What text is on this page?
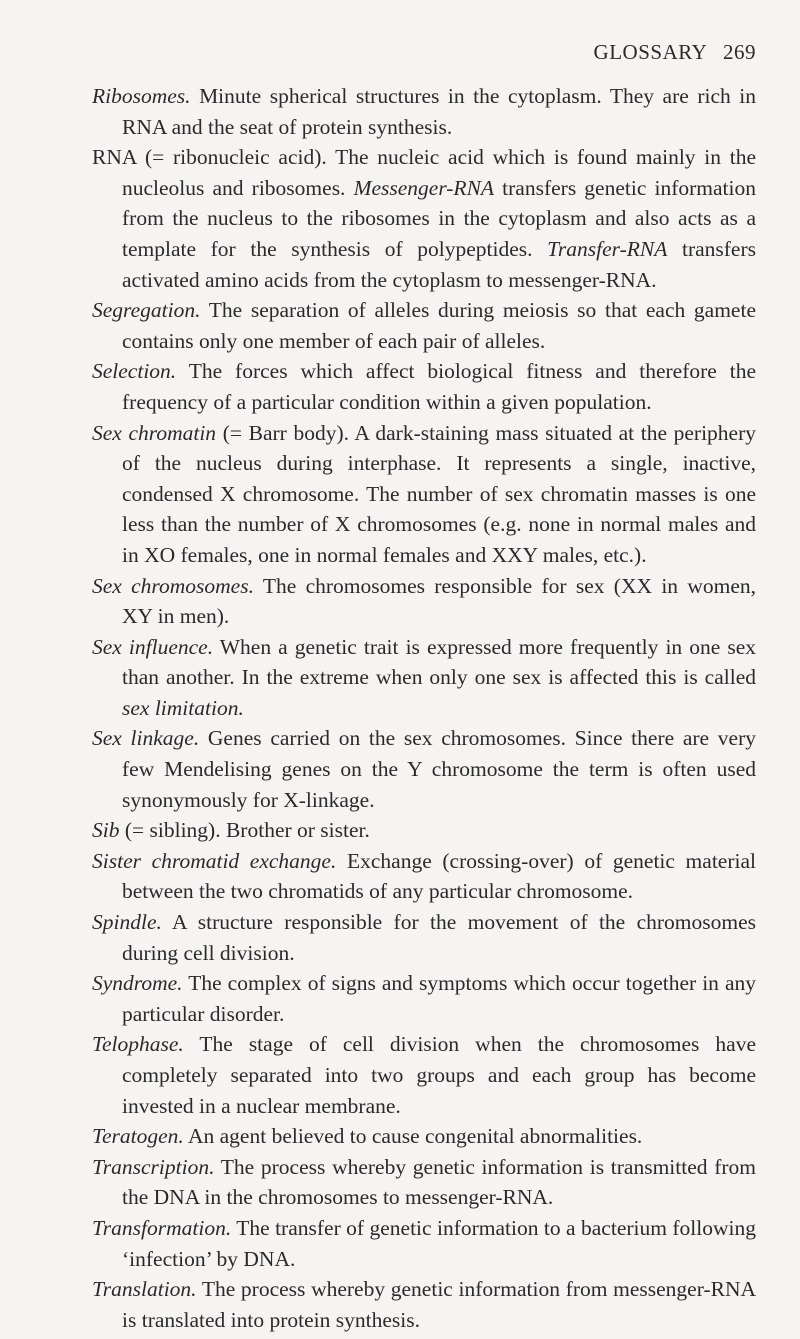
GLOSSARY 269

Ribosomes. Minute spherical structures in the cytoplasm. They are rich in RNA and the seat of protein synthesis.

RNA (= ribonucleic acid). The nucleic acid which is found mainly in the nucleolus and ribosomes. Messenger-RNA transfers genetic information from the nucleus to the ribosomes in the cytoplasm and also acts as a template for the synthesis of polypeptides. Transfer-RNA transfers activated amino acids from the cytoplasm to messenger-RNA.

Segregation. The separation of alleles during meiosis so that each gamete contains only one member of each pair of alleles.

Selection. The forces which affect biological fitness and therefore the frequency of a particular condition within a given population.

Sex chromatin (= Barr body). A dark-staining mass situated at the periphery of the nucleus during interphase. It represents a single, inactive, condensed X chromosome. The number of sex chromatin masses is one less than the number of X chromosomes (e.g. none in normal males and in XO females, one in normal females and XXY males, etc.).

Sex chromosomes. The chromosomes responsible for sex (XX in women, XY in men).

Sex influence. When a genetic trait is expressed more frequently in one sex than another. In the extreme when only one sex is affected this is called sex limitation.

Sex linkage. Genes carried on the sex chromosomes. Since there are very few Mendelising genes on the Y chromosome the term is often used synonymously for X-linkage.

Sib (= sibling). Brother or sister.

Sister chromatid exchange. Exchange (crossing-over) of genetic material between the two chromatids of any particular chromosome.

Spindle. A structure responsible for the movement of the chromosomes during cell division.

Syndrome. The complex of signs and symptoms which occur together in any particular disorder.

Telophase. The stage of cell division when the chromosomes have completely separated into two groups and each group has become invested in a nuclear membrane.

Teratogen. An agent believed to cause congenital abnormalities.

Transcription. The process whereby genetic information is transmitted from the DNA in the chromosomes to messenger-RNA.

Transformation. The transfer of genetic information to a bacterium following ‘infection’ by DNA.

Translation. The process whereby genetic information from messenger-RNA is translated into protein synthesis.
